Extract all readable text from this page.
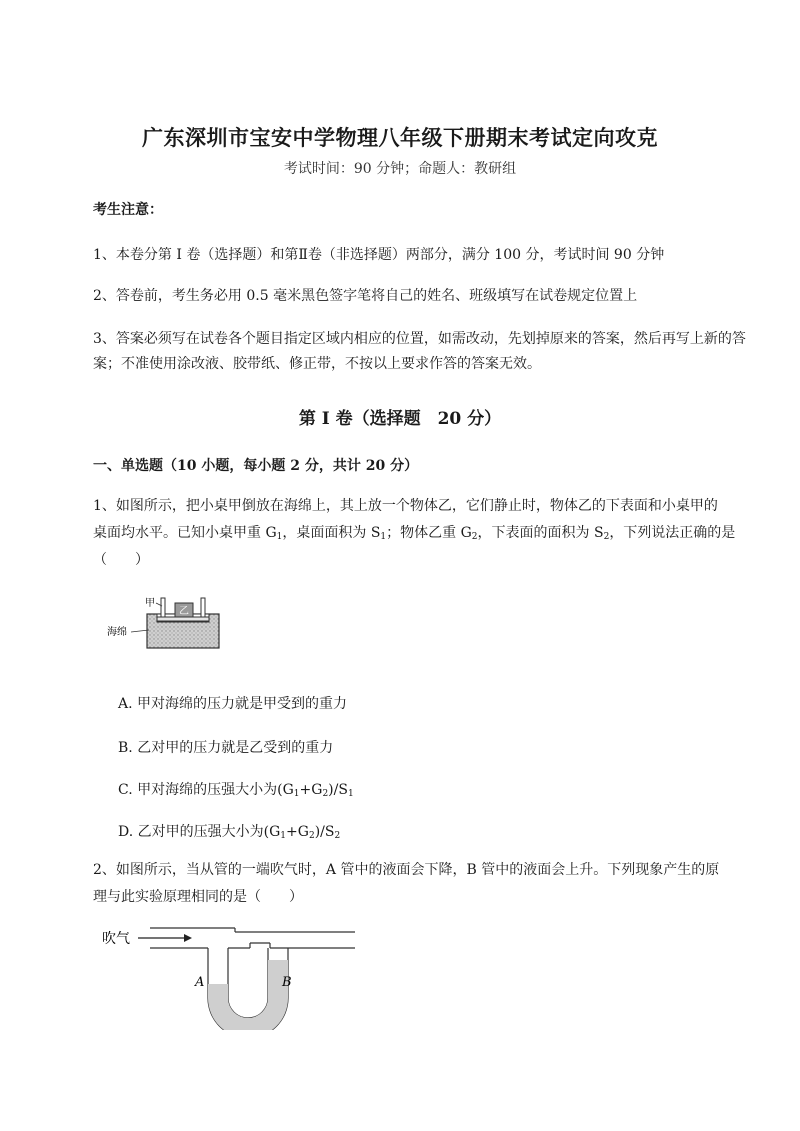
广东深圳市宝安中学物理八年级下册期末考试定向攻克
考试时间：90 分钟；命题人：教研组
考生注意：
1、本卷分第 I 卷（选择题）和第Ⅱ卷（非选择题）两部分，满分 100 分，考试时间 90 分钟
2、答卷前，考生务必用 0.5 毫米黑色签字笔将自己的姓名、班级填写在试卷规定位置上
3、答案必须写在试卷各个题目指定区域内相应的位置，如需改动，先划掉原来的答案，然后再写上新的答案；不准使用涂改液、胶带纸、修正带，不按以上要求作答的答案无效。
第 I 卷（选择题　20 分）
一、单选题（10 小题，每小题 2 分，共计 20 分）
1、如图所示，把小桌甲倒放在海绵上，其上放一个物体乙，它们静止时，物体乙的下表面和小桌甲的
桌面均水平。已知小桌甲重 $G_1$，桌面面积为 $S_1$；物体乙重 $G_2$，下表面的面积为 $S_2$，下列说法正确的是
（　　）
乙
甲
海绵
A. 甲对海绵的压力就是甲受到的重力
B. 乙对甲的压力就是乙受到的重力
C. 甲对海绵的压强大小为$(G_1+G_2)/S_1$
D. 乙对甲的压强大小为$(G_1+G_2)/S_2$
2、如图所示，当从管的一端吹气时，A 管中的液面会下降，B 管中的液面会上升。下列现象产生的原
理与此实验原理相同的是（　　）
吹气
A	B
